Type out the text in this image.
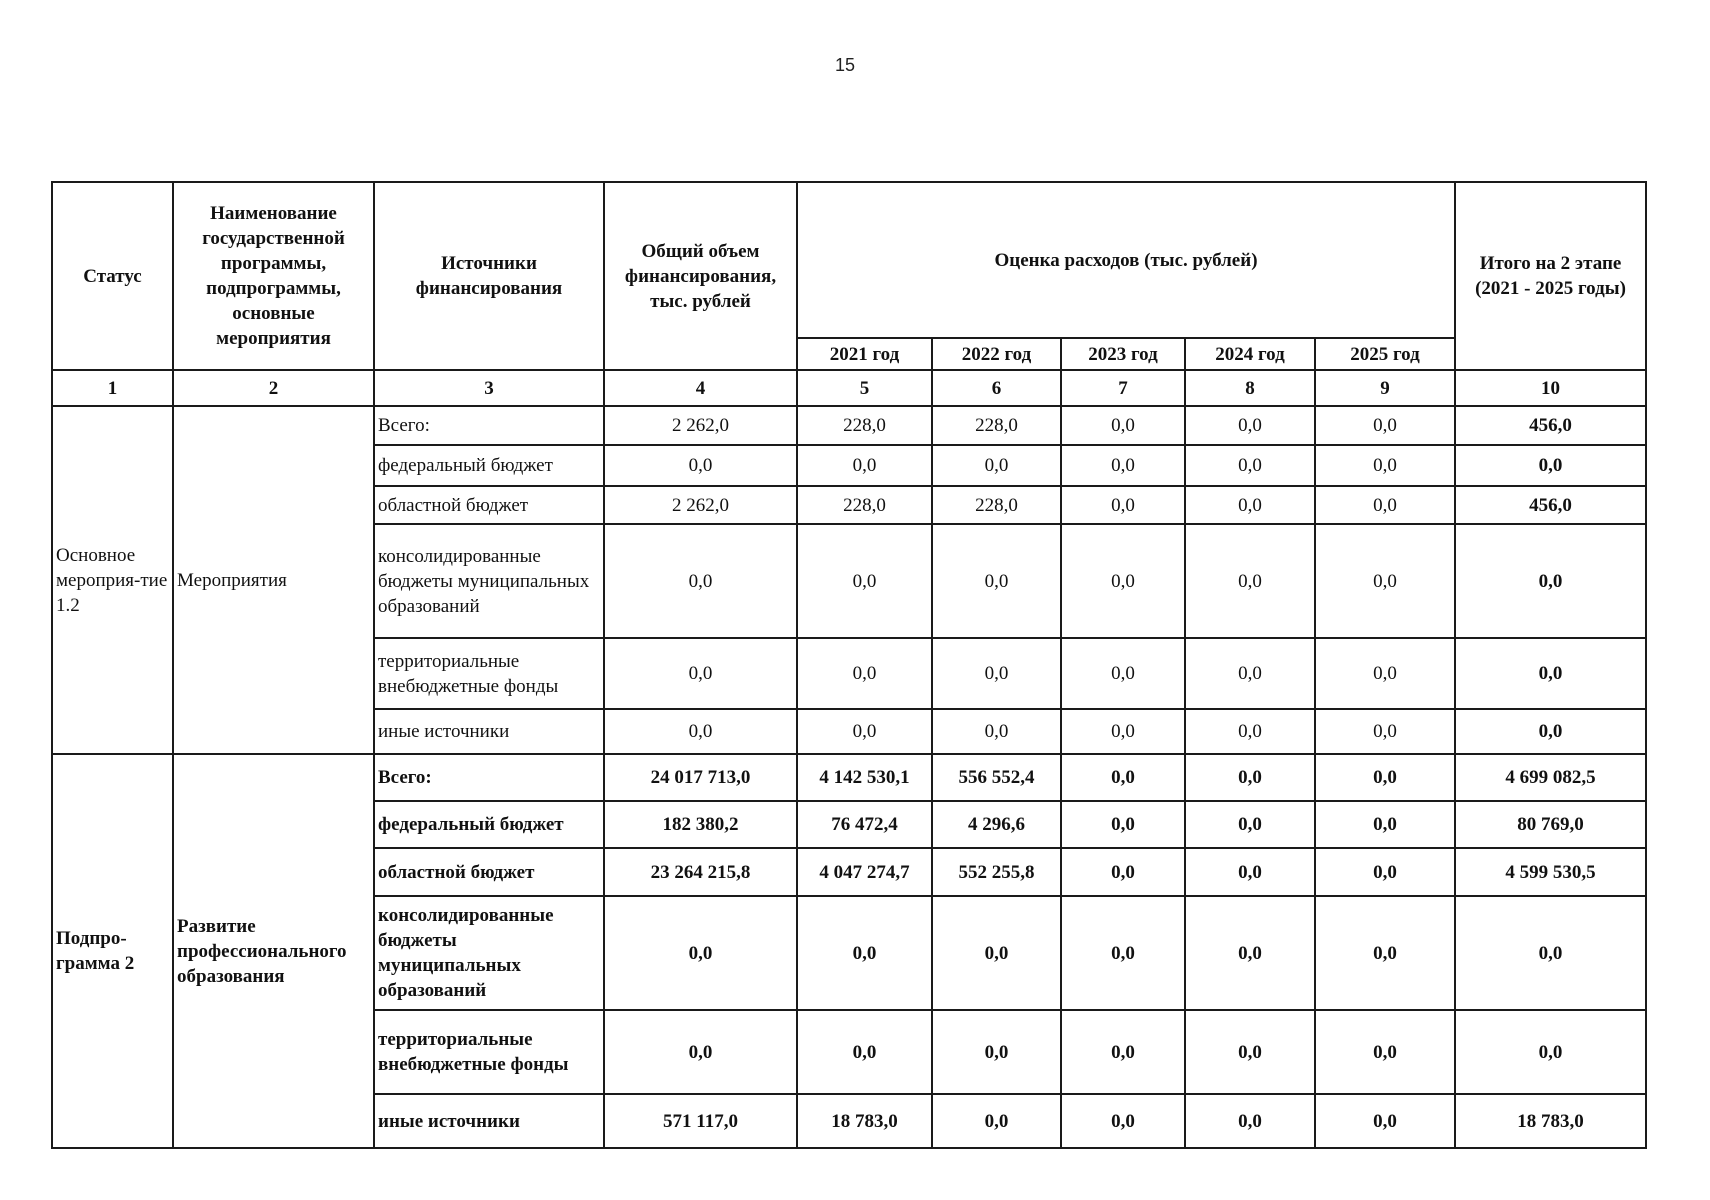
15
Статус	Наименование государственной программы, подпрограммы, основные мероприятия	Источники финансирования	Общий объем финансирования, тыс. рублей	Оценка расходов (тыс. рублей)					Итого на 2 этапе (2021 - 2025 годы)
				2021 год	2022 год	2023 год	2024 год	2025 год	
1	2	3	4	5	6	7	8	9	10
Основное мероприя-тие 1.2	Мероприятия	Всего:	2 262,0	228,0	228,0	0,0	0,0	0,0	456,0
		федеральный бюджет	0,0	0,0	0,0	0,0	0,0	0,0	0,0
		областной бюджет	2 262,0	228,0	228,0	0,0	0,0	0,0	456,0
		консолидированные бюджеты муниципальных образований	0,0	0,0	0,0	0,0	0,0	0,0	0,0
		территориальные внебюджетные фонды	0,0	0,0	0,0	0,0	0,0	0,0	0,0
		иные источники	0,0	0,0	0,0	0,0	0,0	0,0	0,0
Подпро-грамма 2	Развитие профессионального образования	Всего:	24 017 713,0	4 142 530,1	556 552,4	0,0	0,0	0,0	4 699 082,5
		федеральный бюджет	182 380,2	76 472,4	4 296,6	0,0	0,0	0,0	80 769,0
		областной бюджет	23 264 215,8	4 047 274,7	552 255,8	0,0	0,0	0,0	4 599 530,5
		консолидированные бюджеты муниципальных образований	0,0	0,0	0,0	0,0	0,0	0,0	0,0
		территориальные внебюджетные фонды	0,0	0,0	0,0	0,0	0,0	0,0	0,0
		иные источники	571 117,0	18 783,0	0,0	0,0	0,0	0,0	18 783,0
